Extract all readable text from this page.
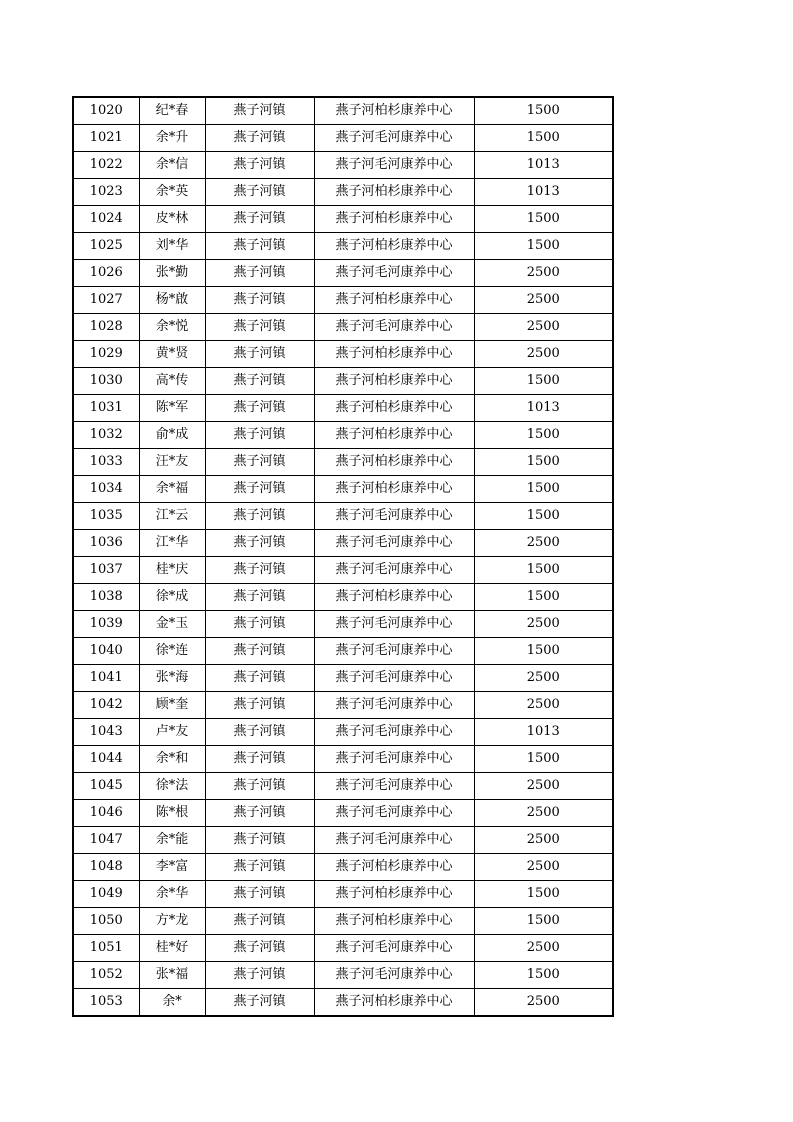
1020	纪*春	燕子河镇	燕子河柏杉康养中心	1500
1021	余*升	燕子河镇	燕子河毛河康养中心	1500
1022	余*信	燕子河镇	燕子河毛河康养中心	1013
1023	余*英	燕子河镇	燕子河柏杉康养中心	1013
1024	皮*林	燕子河镇	燕子河柏杉康养中心	1500
1025	刘*华	燕子河镇	燕子河柏杉康养中心	1500
1026	张*勤	燕子河镇	燕子河毛河康养中心	2500
1027	杨*啟	燕子河镇	燕子河柏杉康养中心	2500
1028	余*悦	燕子河镇	燕子河毛河康养中心	2500
1029	黄*贤	燕子河镇	燕子河柏杉康养中心	2500
1030	高*传	燕子河镇	燕子河柏杉康养中心	1500
1031	陈*军	燕子河镇	燕子河柏杉康养中心	1013
1032	俞*成	燕子河镇	燕子河柏杉康养中心	1500
1033	汪*友	燕子河镇	燕子河柏杉康养中心	1500
1034	余*福	燕子河镇	燕子河柏杉康养中心	1500
1035	江*云	燕子河镇	燕子河毛河康养中心	1500
1036	江*华	燕子河镇	燕子河毛河康养中心	2500
1037	桂*庆	燕子河镇	燕子河毛河康养中心	1500
1038	徐*成	燕子河镇	燕子河柏杉康养中心	1500
1039	金*玉	燕子河镇	燕子河毛河康养中心	2500
1040	徐*连	燕子河镇	燕子河毛河康养中心	1500
1041	张*海	燕子河镇	燕子河毛河康养中心	2500
1042	顾*奎	燕子河镇	燕子河毛河康养中心	2500
1043	卢*友	燕子河镇	燕子河毛河康养中心	1013
1044	余*和	燕子河镇	燕子河毛河康养中心	1500
1045	徐*法	燕子河镇	燕子河毛河康养中心	2500
1046	陈*根	燕子河镇	燕子河毛河康养中心	2500
1047	余*能	燕子河镇	燕子河毛河康养中心	2500
1048	李*富	燕子河镇	燕子河柏杉康养中心	2500
1049	余*华	燕子河镇	燕子河柏杉康养中心	1500
1050	方*龙	燕子河镇	燕子河柏杉康养中心	1500
1051	桂*好	燕子河镇	燕子河毛河康养中心	2500
1052	张*福	燕子河镇	燕子河毛河康养中心	1500
1053	余*	燕子河镇	燕子河柏杉康养中心	2500
